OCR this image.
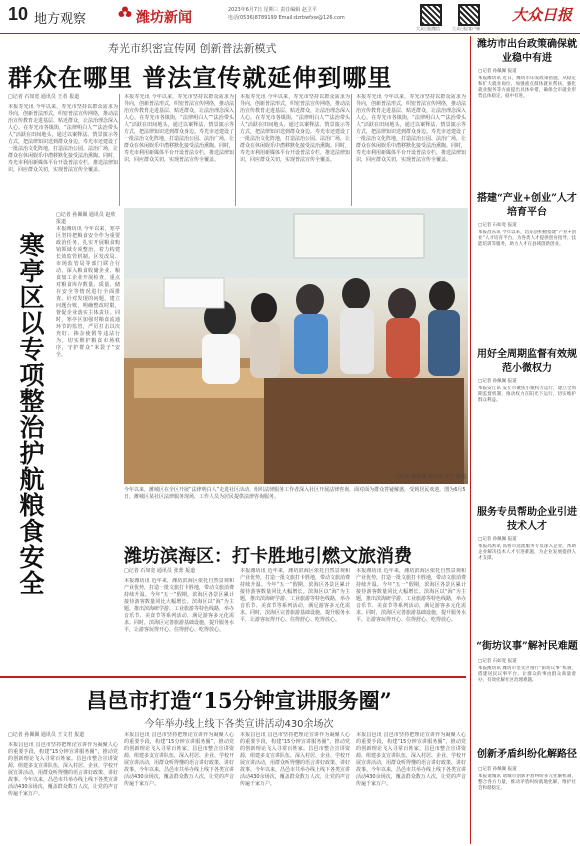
10 地方观察	潍坊新闻	2023年6月7日 星期三 责任编辑 赵卫平
电话(0536)8789199 Email:dzrbwfxw@126.com
大众日报微信	大众日报客户端
大众日报
寿光市织密宣传网 创新普法新模式
群众在哪里 普法宣传就延伸到哪里
□记者 石如宽 通讯员 王者 报道
本报寿光讯 今年以来，寿光市坚持以群众需求为导向，创新普法形式，织密普法宣传网络，推动法治宣传教育走进基层、贴近群众，让法治理念深入人心。在寿光市各镇街，“法律明白人”“法治带头人”活跃在田间地头，通过以案释法、情景演示等方式，把法律知识送到群众身边。寿光市还建设了一批法治文化阵地，打造法治公园、法治广场，让群众在休闲娱乐中潜移默化接受法治熏陶。同时，寿光市利用新媒体平台开设普法专栏，推送法律知识，回应群众关切，实现普法宣传全覆盖。
本报寿光讯 今年以来，寿光市坚持以群众需求为导向，创新普法形式，织密普法宣传网络，推动法治宣传教育走进基层、贴近群众，让法治理念深入人心。在寿光市各镇街，“法律明白人”“法治带头人”活跃在田间地头，通过以案释法、情景演示等方式，把法律知识送到群众身边。寿光市还建设了一批法治文化阵地，打造法治公园、法治广场，让群众在休闲娱乐中潜移默化接受法治熏陶。同时，寿光市利用新媒体平台开设普法专栏，推送法律知识，回应群众关切，实现普法宣传全覆盖。
本报寿光讯 今年以来，寿光市坚持以群众需求为导向，创新普法形式，织密普法宣传网络，推动法治宣传教育走进基层、贴近群众，让法治理念深入人心。在寿光市各镇街，“法律明白人”“法治带头人”活跃在田间地头，通过以案释法、情景演示等方式，把法律知识送到群众身边。寿光市还建设了一批法治文化阵地，打造法治公园、法治广场，让群众在休闲娱乐中潜移默化接受法治熏陶。同时，寿光市利用新媒体平台开设普法专栏，推送法律知识，回应群众关切，实现普法宣传全覆盖。
本报寿光讯 今年以来，寿光市坚持以群众需求为导向，创新普法形式，织密普法宣传网络，推动法治宣传教育走进基层、贴近群众，让法治理念深入人心。在寿光市各镇街，“法律明白人”“法治带头人”活跃在田间地头，通过以案释法、情景演示等方式，把法律知识送到群众身边。寿光市还建设了一批法治文化阵地，打造法治公园、法治广场，让群众在休闲娱乐中潜移默化接受法治熏陶。同时，寿光市利用新媒体平台开设普法专栏，推送法律知识，回应群众关切，实现普法宣传全覆盖。
寒亭区以专项整治护航粮食安全
□记者 孙佩佩 通讯员 赵欣 报道
本报潍坊讯 今年以来，寒亭区坚持把粮食安全作为重要政治任务，扎实开展粮食购销领域专项整治，着力构建长效监管机制。区发改局、市场监管局等部门联合行动，深入粮食收储企业、粮食加工企业开展检查，重点对粮食库存数量、质量、储存安全等情况进行全面排查。针对发现的问题，建立问题台账，明确整改时限，督促企业落实主体责任。同时，寒亭区加强对粮食流通环节的监管，严厉打击以次充好、掺杂使假等违法行为，切实维护粮食市场秩序，守护群众“米袋子”安全。
今年以来，潍城区在全区开展“法律明白人”走进社区活动，组织法律服务工作者深入社区开展法律咨询，面对面为群众答疑解惑，受到居民欢迎。图为6月5日，潍城区某社区法律服务现场，工作人员为居民提供法律咨询服务。
□记者 孙佩佩 通讯员 李宁 报道
潍坊滨海区：打卡胜地引燃文旅消费
□记者 石如宽 通讯员 张蕾 报道
本报潍坊讯 近年来，潍坊滨海区依托自然景观和产业优势，打造一批文旅打卡胜地，带动文旅消费持续升温。今年“五一”假期，滨海区各景区累计接待游客数量同比大幅增长。滨海区以“海”为主题，推出滨海研学游、工业旅游等特色线路，举办音乐节、美食节等系列活动，满足游客多元化需求。同时，滨海区完善旅游基础设施，提升服务水平，让游客玩得开心、住得舒心、吃得放心。
本报潍坊讯 近年来，潍坊滨海区依托自然景观和产业优势，打造一批文旅打卡胜地，带动文旅消费持续升温。今年“五一”假期，滨海区各景区累计接待游客数量同比大幅增长。滨海区以“海”为主题，推出滨海研学游、工业旅游等特色线路，举办音乐节、美食节等系列活动，满足游客多元化需求。同时，滨海区完善旅游基础设施，提升服务水平，让游客玩得开心、住得舒心、吃得放心。
本报潍坊讯 近年来，潍坊滨海区依托自然景观和产业优势，打造一批文旅打卡胜地，带动文旅消费持续升温。今年“五一”假期，滨海区各景区累计接待游客数量同比大幅增长。滨海区以“海”为主题，推出滨海研学游、工业旅游等特色线路，举办音乐节、美食节等系列活动，满足游客多元化需求。同时，滨海区完善旅游基础设施，提升服务水平，让游客玩得开心、住得舒心、吃得放心。
昌邑市打造“15分钟宣讲服务圈”
今年举办线上线下各类宣讲活动430余场次
□记者 孙佩佩 通讯员 王文君 报道
本报昌邑讯 昌邑市坚持把理论宣讲作为凝聚人心的重要手段，构建“15分钟宣讲服务圈”，推动党的创新理论飞入寻常百姓家。昌邑市整合宣讲资源，组建多支宣讲队伍，深入村居、企业、学校开展宣讲活动，用群众听得懂的语言讲好政策、讲好故事。今年以来，昌邑市共举办线上线下各类宣讲活动430余场次，覆盖群众数万人次，让党的声音传遍千家万户。
本报昌邑讯 昌邑市坚持把理论宣讲作为凝聚人心的重要手段，构建“15分钟宣讲服务圈”，推动党的创新理论飞入寻常百姓家。昌邑市整合宣讲资源，组建多支宣讲队伍，深入村居、企业、学校开展宣讲活动，用群众听得懂的语言讲好政策、讲好故事。今年以来，昌邑市共举办线上线下各类宣讲活动430余场次，覆盖群众数万人次，让党的声音传遍千家万户。
本报昌邑讯 昌邑市坚持把理论宣讲作为凝聚人心的重要手段，构建“15分钟宣讲服务圈”，推动党的创新理论飞入寻常百姓家。昌邑市整合宣讲资源，组建多支宣讲队伍，深入村居、企业、学校开展宣讲活动，用群众听得懂的语言讲好政策、讲好故事。今年以来，昌邑市共举办线上线下各类宣讲活动430余场次，覆盖群众数万人次，让党的声音传遍千家万户。
本报昌邑讯 昌邑市坚持把理论宣讲作为凝聚人心的重要手段，构建“15分钟宣讲服务圈”，推动党的创新理论飞入寻常百姓家。昌邑市整合宣讲资源，组建多支宣讲队伍，深入村居、企业、学校开展宣讲活动，用群众听得懂的语言讲好政策、讲好故事。今年以来，昌邑市共举办线上线下各类宣讲活动430余场次，覆盖群众数万人次，让党的声音传遍千家万户。
潍坊市出台政策确保就业稳中有进
□记者 孙佩佩 报道
本报潍坊讯 近日，潍坊市印发政策措施，从稳定和扩大就业岗位、加强重点群体就业帮扶、强化就业服务等方面提出具体举措，确保全市就业形势总体稳定、稳中有进。
搭建“产业+创业”人才培育平台
□记者 石如宽 报道
本报昌乐讯 今年以来，昌乐县积极搭建“产业+创业”人才培育平台，为各类人才提供创业指导、技能培训等服务，助力人才在县域创新创业。
用好全周期监督有效规范小微权力
□记者 孙佩佩 报道
本报安丘讯 安丘市聚焦小微权力运行，建立全周期监督机制，推动权力在阳光下运行，切实维护群众利益。
服务专员帮助企业引进技术人才
□记者 孙佩佩 报道
本报高密讯 高密市选派服务专员深入企业，帮助企业解决技术人才引进难题，为企业发展提供人才支撑。
“街坊议事”解衬民难题
□记者 石如宽 报道
本报潍坊讯 潍坊市奎文区推行“街坊议事”机制，搭建居民议事平台，让群众的事由群众商量着办，有效化解社区治理难题。
创新矛盾纠纷化解路径
□记者 孙佩佩 报道
本报诸城讯 诸城市创新矛盾纠纷多元化解机制，整合各方力量，推动矛盾纠纷就地化解，维护社会和谐稳定。
